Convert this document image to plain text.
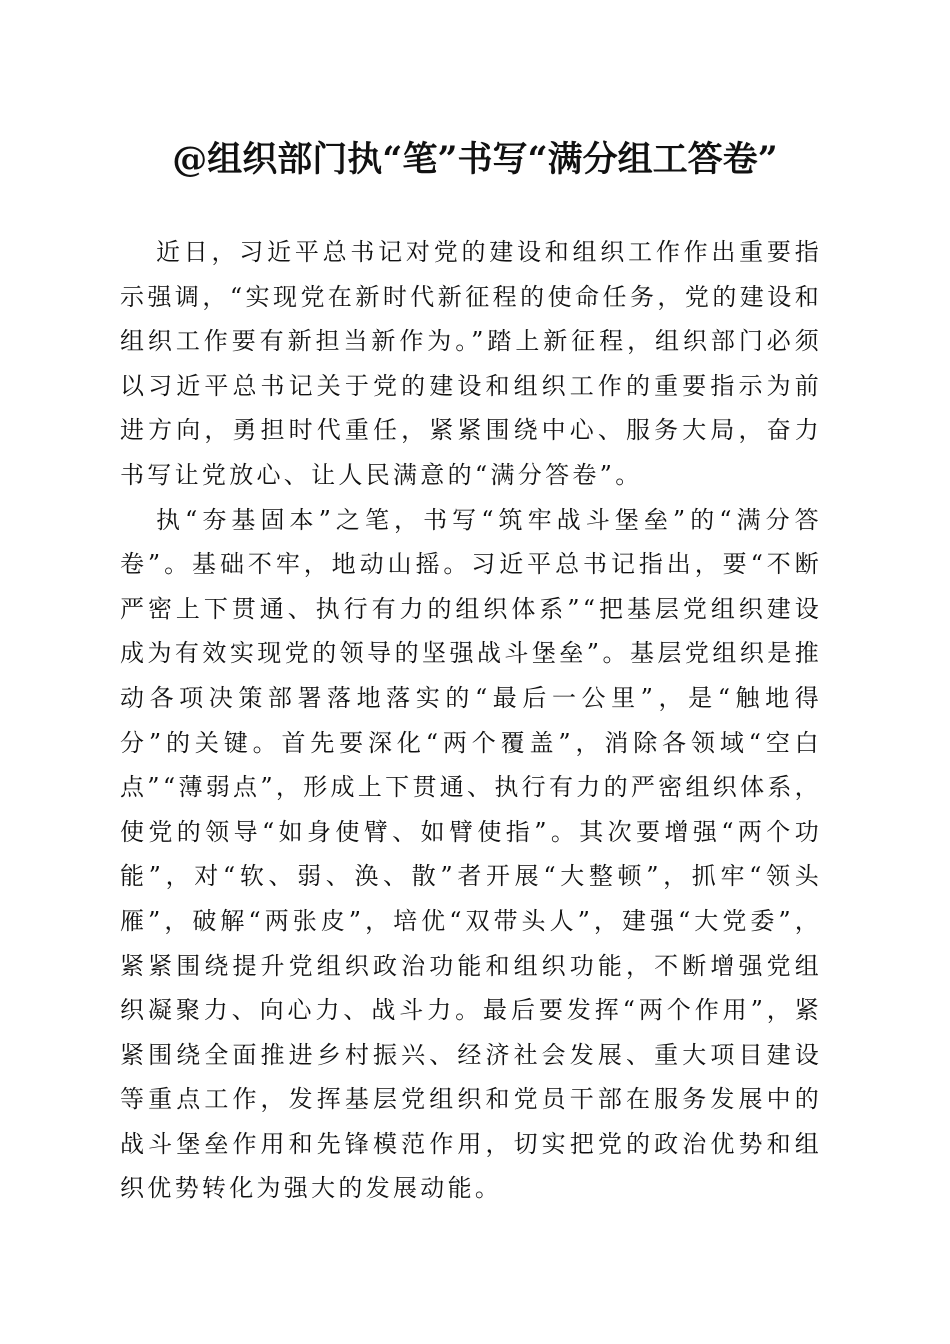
@组织部门执“笔”书写“满分组工答卷”

近日，习近平总书记对党的建设和组织工作作出重要指示强调，“实现党在新时代新征程的使命任务，党的建设和组织工作要有新担当新作为。”踏上新征程，组织部门必须以习近平总书记关于党的建设和组织工作的重要指示为前进方向，勇担时代重任，紧紧围绕中心、服务大局，奋力书写让党放心、让人民满意的“满分答卷”。

执“夯基固本”之笔，书写“筑牢战斗堡垒”的“满分答卷”。基础不牢，地动山摇。习近平总书记指出，要“不断严密上下贯通、执行有力的组织体系”“把基层党组织建设成为有效实现党的领导的坚强战斗堡垒”。基层党组织是推动各项决策部署落地落实的“最后一公里”，是“触地得分”的关键。首先要深化“两个覆盖”，消除各领域“空白点”“薄弱点”，形成上下贯通、执行有力的严密组织体系，使党的领导“如身使臂、如臂使指”。其次要增强“两个功能”，对“软、弱、涣、散”者开展“大整顿”，抓牢“领头雁”，破解“两张皮”，培优“双带头人”，建强“大党委”，紧紧围绕提升党组织政治功能和组织功能，不断增强党组织凝聚力、向心力、战斗力。最后要发挥“两个作用”，紧紧围绕全面推进乡村振兴、经济社会发展、重大项目建设等重点工作，发挥基层党组织和党员干部在服务发展中的战斗堡垒作用和先锋模范作用，切实把党的政治优势和组织优势转化为强大的发展动能。
